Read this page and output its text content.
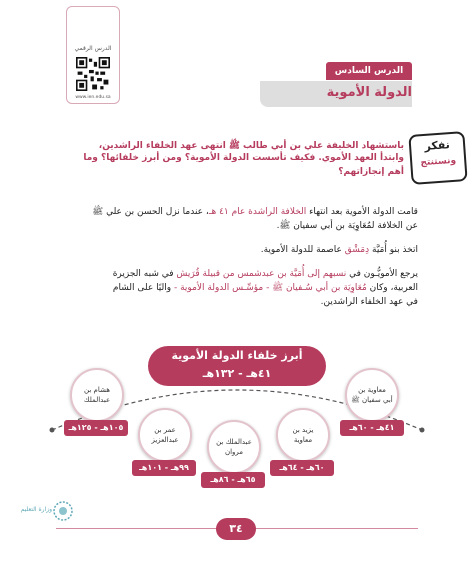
الدرس الرقمي
www.ien.edu.sa
الدرس السادس
الدولة الأموية
نفكر
ونستنتج
باستشهاد الخليفة علي بن أبي طالب ﷺ انتهى عهد الخلفاء الراشدين،
وابتدأ العهد الأموي. فكيف تأسست الدولة الأموية؟ ومن أبرز خلفائها؟ وما
أهم إنجازاتهم؟
قامت الدولة الأموية بعد انتهاء الخلافة الراشدة عام ٤١ هـ، عندما نزل الحسن بن علي ﷺ
عن الخلافة لمُعَاوِيَة بن أبي سفيان ﷺ.
اتخذ بنو أُمَيَّة دِمَشْق عاصمة للدولة الأموية.
يرجع الأمويُّـون في نسبهم إلى أُمَيَّة بن عبدشمس من قبيلة قُرَيش في شبه الجزيرة
العربية، وكان مُعَاوِيَة بن أبي سُـفيان ﷺ - مؤسِّـس الدولة الأموية - واليًا على الشام
في عهد الخلفاء الراشدين.
أبرز خلفاء الدولة الأموية
٤١هـ - ١٣٢هـ
معاوية بن
أبي سفيان ﷺ
٤١هـ - ٦٠هـ
يزيد بن
معاوية
٦٠هـ - ٦٤هـ
عبدالملك بن
مروان
٦٥هـ - ٨٦هـ
عمر بن
عبدالعزيز
٩٩هـ - ١٠١هـ
هشام بن
عبدالملك
١٠٥هـ - ١٢٥هـ
٣٤
وزارة التعليم
